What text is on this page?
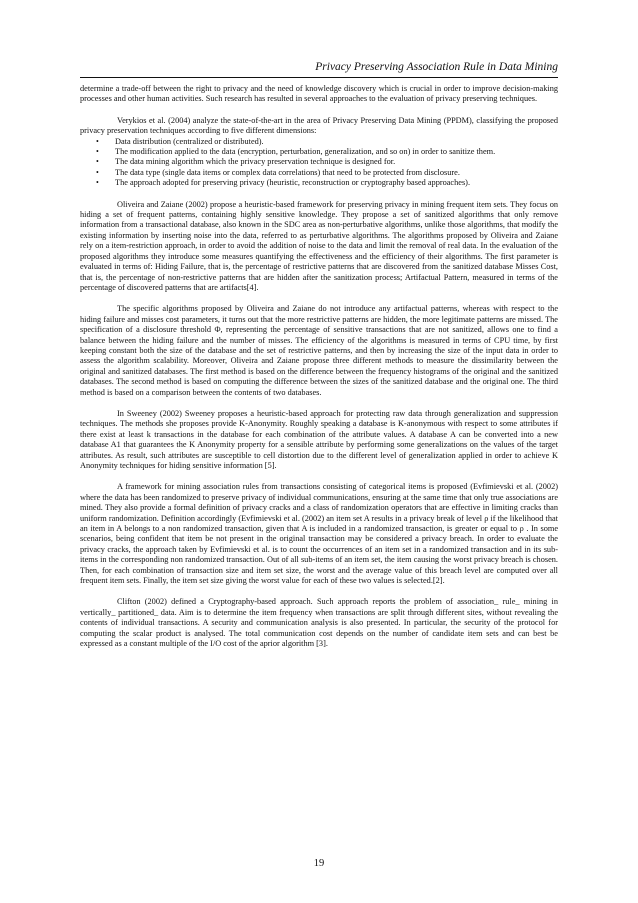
Privacy Preserving Association Rule in Data Mining

determine a trade-off between the right to privacy and the need of knowledge discovery which is crucial in order to improve decision-making processes and other human activities. Such research has resulted in several approaches to the evaluation of privacy preserving techniques.

Verykios et al. (2004) analyze the state-of-the-art in the area of Privacy Preserving Data Mining (PPDM), classifying the proposed privacy preservation techniques according to five different dimensions:

• Data distribution (centralized or distributed).
• The modification applied to the data (encryption, perturbation, generalization, and so on) in order to sanitize them.
• The data mining algorithm which the privacy preservation technique is designed for.
• The data type (single data items or complex data correlations) that need to be protected from disclosure.
• The approach adopted for preserving privacy (heuristic, reconstruction or cryptography based approaches).

Oliveira and Zaiane (2002) propose a heuristic-based framework for preserving privacy in mining frequent item sets. They focus on hiding a set of frequent patterns, containing highly sensitive knowledge. They propose a set of sanitized algorithms that only remove information from a transactional database, also known in the SDC area as non-perturbative algorithms, unlike those algorithms, that modify the existing information by inserting noise into the data, referred to as perturbative algorithms. The algorithms proposed by Oliveira and Zaiane rely on a item-restriction approach, in order to avoid the addition of noise to the data and limit the removal of real data. In the evaluation of the proposed algorithms they introduce some measures quantifying the effectiveness and the efficiency of their algorithms. The first parameter is evaluated in terms of: Hiding Failure, that is, the percentage of restrictive patterns that are discovered from the sanitized database Misses Cost, that is, the percentage of non-restrictive patterns that are hidden after the sanitization process; Artifactual Pattern, measured in terms of the percentage of discovered patterns that are artifacts[4].

The specific algorithms proposed by Oliveira and Zaiane do not introduce any artifactual patterns, whereas with respect to the hiding failure and misses cost parameters, it turns out that the more restrictive patterns are hidden, the more legitimate patterns are missed. The specification of a disclosure threshold Φ, representing the percentage of sensitive transactions that are not sanitized, allows one to find a balance between the hiding failure and the number of misses. The efficiency of the algorithms is measured in terms of CPU time, by first keeping constant both the size of the database and the set of restrictive patterns, and then by increasing the size of the input data in order to assess the algorithm scalability. Moreover, Oliveira and Zaiane propose three different methods to measure the dissimilarity between the original and sanitized databases. The first method is based on the difference between the frequency histograms of the original and the sanitized databases. The second method is based on computing the difference between the sizes of the sanitized database and the original one. The third method is based on a comparison between the contents of two databases.

In Sweeney (2002) Sweeney proposes a heuristic-based approach for protecting raw data through generalization and suppression techniques. The methods she proposes provide K-Anonymity. Roughly speaking a database is K-anonymous with respect to some attributes if there exist at least k transactions in the database for each combination of the attribute values. A database A can be converted into a new database A1 that guarantees the K Anonymity property for a sensible attribute by performing some generalizations on the values of the target attributes. As result, such attributes are susceptible to cell distortion due to the different level of generalization applied in order to achieve K Anonymity techniques for hiding sensitive information [5].

A framework for mining association rules from transactions consisting of categorical items is proposed (Evfimievski et al. (2002) where the data has been randomized to preserve privacy of individual communications, ensuring at the same time that only true associations are mined. They also provide a formal definition of privacy cracks and a class of randomization operators that are effective in limiting cracks than uniform randomization. Definition accordingly (Evfimievski et al. (2002) an item set A results in a privacy break of level ρ if the likelihood that an item in A belongs to a non randomized transaction, given that A is included in a randomized transaction, is greater or equal to ρ . In some scenarios, being confident that item be not present in the original transaction may be considered a privacy breach. In order to evaluate the privacy cracks, the approach taken by Evfimievski et al. is to count the occurrences of an item set in a randomized transaction and in its sub-items in the corresponding non randomized transaction. Out of all sub-items of an item set, the item causing the worst privacy breach is chosen. Then, for each combination of transaction size and item set size, the worst and the average value of this breach level are computed over all frequent item sets. Finally, the item set size giving the worst value for each of these two values is selected.[2].

Clifton (2002) defined a Cryptography-based approach. Such approach reports the problem of association_ rule_ mining in vertically_ partitioned_ data. Aim is to determine the item frequency when transactions are split through different sites, without revealing the contents of individual transactions. A security and communication analysis is also presented. In particular, the security of the protocol for computing the scalar product is analysed. The total communication cost depends on the number of candidate item sets and can best be expressed as a constant multiple of the I/O cost of the aprior algorithm [3].

19
